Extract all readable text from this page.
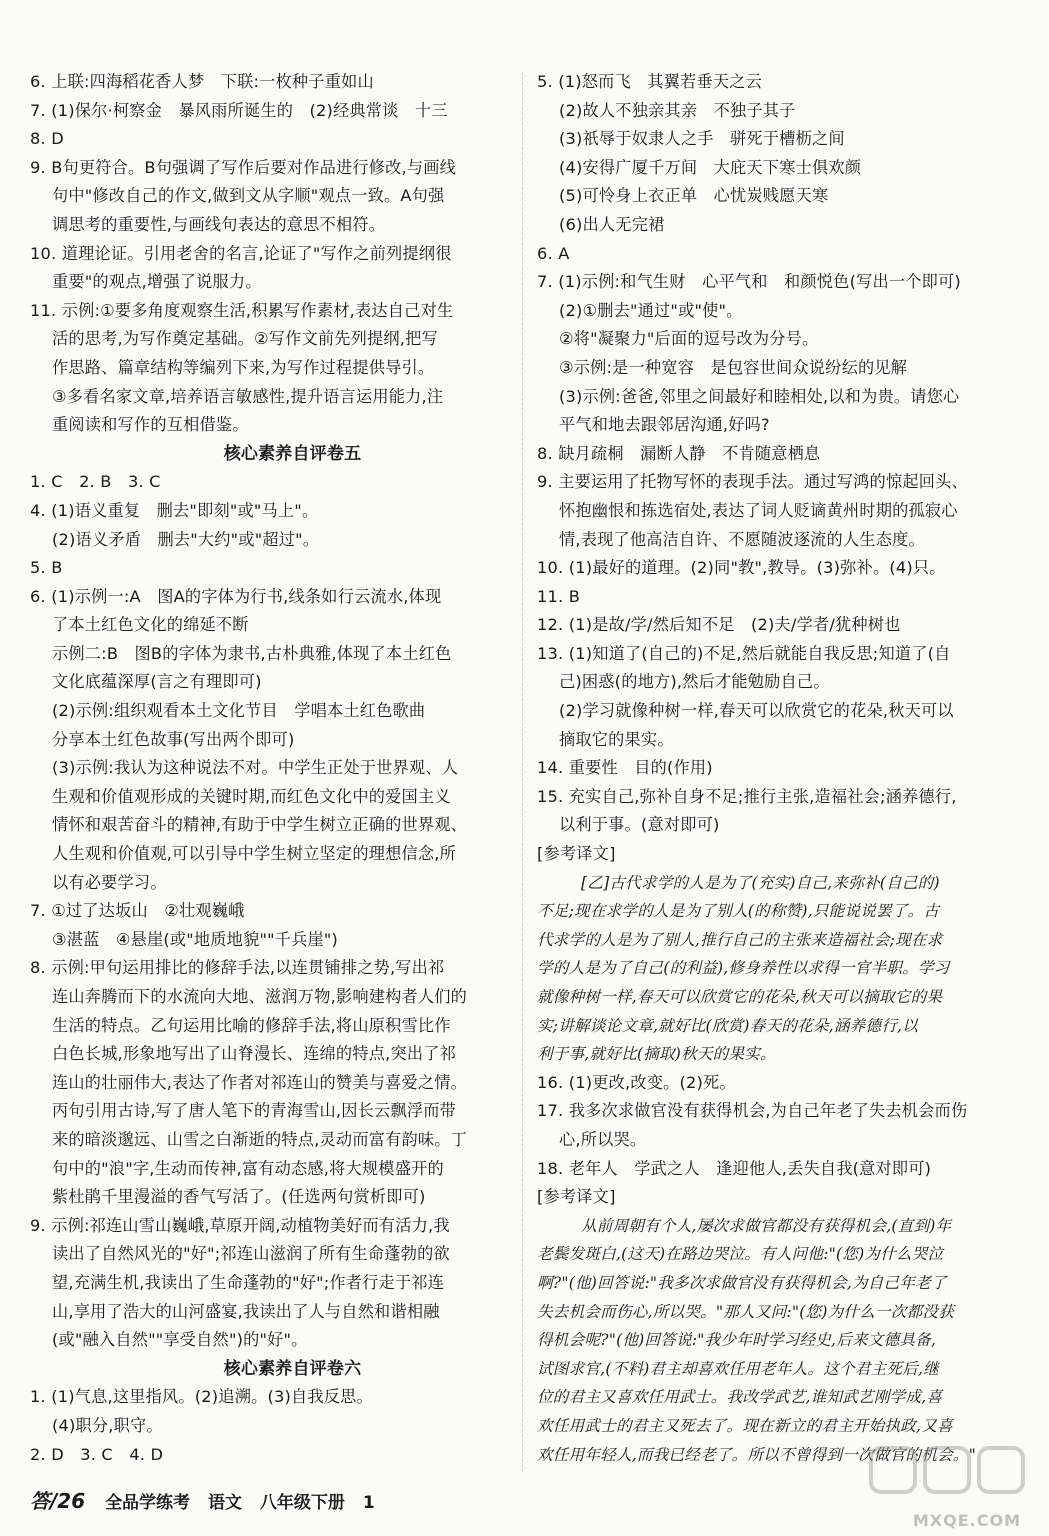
6. 上联:四海稻花香人梦　下联:一枚种子重如山
7. (1)保尔·柯察金　暴风雨所诞生的　(2)经典常谈　十三
8. D
9. B句更符合。B句强调了写作后要对作品进行修改,与画线
句中"修改自己的作文,做到文从字顺"观点一致。A句强
调思考的重要性,与画线句表达的意思不相符。
10. 道理论证。引用老舍的名言,论证了"写作之前列提纲很
重要"的观点,增强了说服力。
11. 示例:①要多角度观察生活,积累写作素材,表达自己对生
活的思考,为写作奠定基础。②写作文前先列提纲,把写
作思路、篇章结构等编列下来,为写作过程提供导引。
③多看名家文章,培养语言敏感性,提升语言运用能力,注
重阅读和写作的互相借鉴。
核心素养自评卷五
1. C　2. B　3. C
4. (1)语义重复　删去"即刻"或"马上"。
(2)语义矛盾　删去"大约"或"超过"。
5. B
6. (1)示例一:A　图A的字体为行书,线条如行云流水,体现
了本土红色文化的绵延不断
示例二:B　图B的字体为隶书,古朴典雅,体现了本土红色
文化底蕴深厚(言之有理即可)
(2)示例:组织观看本土文化节目　学唱本土红色歌曲
分享本土红色故事(写出两个即可)
(3)示例:我认为这种说法不对。中学生正处于世界观、人
生观和价值观形成的关键时期,而红色文化中的爱国主义
情怀和艰苦奋斗的精神,有助于中学生树立正确的世界观、
人生观和价值观,可以引导中学生树立坚定的理想信念,所
以有必要学习。
7. ①过了达坂山　②壮观巍峨
③湛蓝　④悬崖(或"地质地貌""千兵崖")
8. 示例:甲句运用排比的修辞手法,以连贯铺排之势,写出祁
连山奔腾而下的水流向大地、滋润万物,影响建构者人们的
生活的特点。乙句运用比喻的修辞手法,将山原积雪比作
白色长城,形象地写出了山脊漫长、连绵的特点,突出了祁
连山的壮丽伟大,表达了作者对祁连山的赞美与喜爱之情。
丙句引用古诗,写了唐人笔下的青海雪山,因长云飘浮而带
来的暗淡邈远、山雪之白渐逝的特点,灵动而富有韵味。丁
句中的"浪"字,生动而传神,富有动态感,将大规模盛开的
紫杜鹃千里漫溢的香气写活了。(任选两句赏析即可)
9. 示例:祁连山雪山巍峨,草原开阔,动植物美好而有活力,我
读出了自然风光的"好";祁连山滋润了所有生命蓬勃的欲
望,充满生机,我读出了生命蓬勃的"好";作者行走于祁连
山,享用了浩大的山河盛宴,我读出了人与自然和谐相融
(或"融入自然""享受自然")的"好"。
核心素养自评卷六
1. (1)气息,这里指风。(2)追溯。(3)自我反思。
(4)职分,职守。
2. D　3. C　4. D
5. (1)怒而飞　其翼若垂天之云
(2)故人不独亲其亲　不独子其子
(3)祇辱于奴隶人之手　骈死于槽枥之间
(4)安得广厦千万间　大庇天下寒士俱欢颜
(5)可怜身上衣正单　心忧炭贱愿天寒
(6)出人无完裙
6. A
7. (1)示例:和气生财　心平气和　和颜悦色(写出一个即可)
(2)①删去"通过"或"使"。
②将"凝聚力"后面的逗号改为分号。
③示例:是一种宽容　是包容世间众说纷纭的见解
(3)示例:爸爸,邻里之间最好和睦相处,以和为贵。请您心
平气和地去跟邻居沟通,好吗?
8. 缺月疏桐　漏断人静　不肯随意栖息
9. 主要运用了托物写怀的表现手法。通过写鸿的惊起回头、
怀抱幽恨和拣选宿处,表达了词人贬谪黄州时期的孤寂心
情,表现了他高洁自许、不愿随波逐流的人生态度。
10. (1)最好的道理。(2)同"教",教导。(3)弥补。(4)只。
11. B
12. (1)是故/学/然后知不足　(2)夫/学者/犹种树也
13. (1)知道了(自己的)不足,然后就能自我反思;知道了(自
己)困惑(的地方),然后才能勉励自己。
(2)学习就像种树一样,春天可以欣赏它的花朵,秋天可以
摘取它的果实。
14. 重要性　目的(作用)
15. 充实自己,弥补自身不足;推行主张,造福社会;涵养德行,
以利于事。(意对即可)
[参考译文]
[乙]古代求学的人是为了(充实)自己,来弥补(自己的)
不足;现在求学的人是为了别人(的称赞),只能说说罢了。古
代求学的人是为了别人,推行自己的主张来造福社会;现在求
学的人是为了自己(的利益),修身养性以求得一官半职。学习
就像种树一样,春天可以欣赏它的花朵,秋天可以摘取它的果
实;讲解谈论文章,就好比(欣赏)春天的花朵,涵养德行,以
利于事,就好比(摘取)秋天的果实。
16. (1)更改,改变。(2)死。
17. 我多次求做官没有获得机会,为自己年老了失去机会而伤
心,所以哭。
18. 老年人　学武之人　逢迎他人,丢失自我(意对即可)
[参考译文]
从前周朝有个人,屡次求做官都没有获得机会,(直到)年
老鬓发斑白,(这天)在路边哭泣。有人问他:"(您)为什么哭泣
啊?"(他)回答说:"我多次求做官没有获得机会,为自己年老了
失去机会而伤心,所以哭。"那人又问:"(您)为什么一次都没获
得机会呢?"(他)回答说:"我少年时学习经史,后来文德具备,
试图求官,(不料)君主却喜欢任用老年人。这个君主死后,继
位的君主又喜欢任用武士。我改学武艺,谁知武艺刚学成,喜
欢任用武士的君主又死去了。现在新立的君主开始执政,又喜
欢任用年轻人,而我已经老了。所以不曾得到一次做官的机会。"
答/26 全品学练考 语文 八年级下册 1
MXQE.COM
